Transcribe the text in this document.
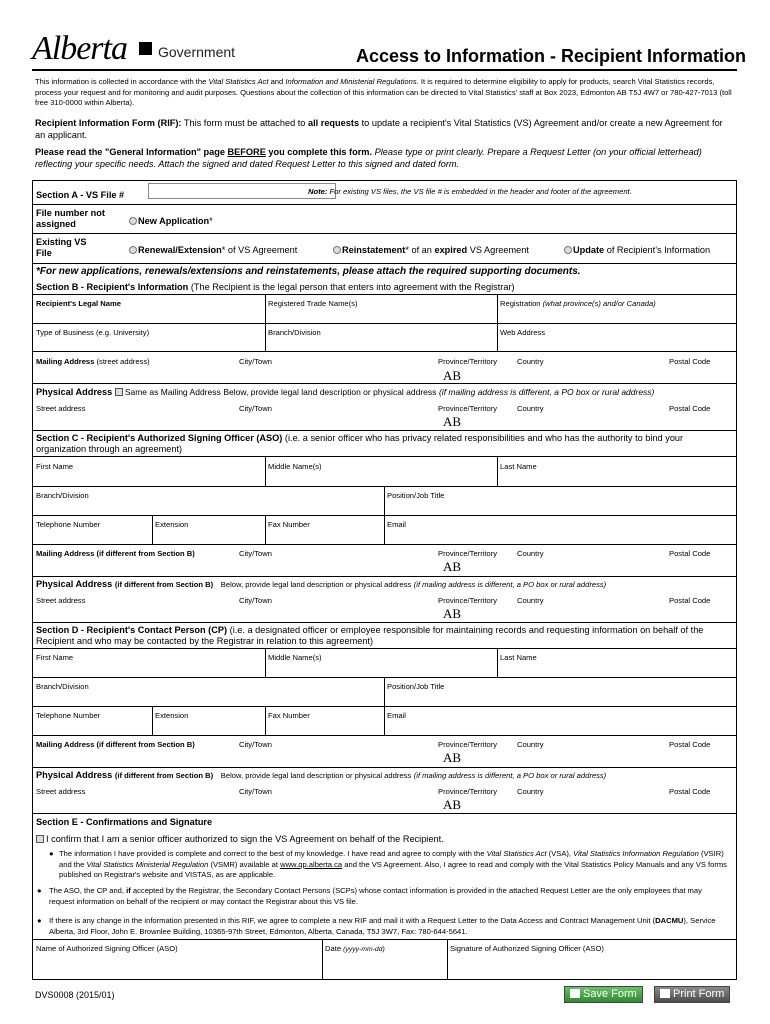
Alberta Government	Access to Information - Recipient Information
This information is collected in accordance with the Vital Statistics Act and Information and Ministerial Regulations. It is required to determine eligibility to apply for products, search Vital Statistics records, process your request and for monitoring and audit purposes. Questions about the collection of this information can be directed to Vital Statistics' staff at Box 2023, Edmonton AB T5J 4W7 or 780-427-7013 (toll free 310-0000 within Alberta).
Recipient Information Form (RIF): This form must be attached to all requests to update a recipient's Vital Statistics (VS) Agreement and/or create a new Agreement for an applicant.
Please read the "General Information" page BEFORE you complete this form. Please type or print clearly. Prepare a Request Letter (on your official letterhead) reflecting your specific needs. Attach the signed and dated Request Letter to this signed and dated form.
Section A - VS File #	Note: For existing VS files, the VS file # is embedded in the header and footer of the agreement.
File number not assigned	New Application*
Existing VS File	Renewal/Extension* of VS Agreement	Reinstatement* of an expired VS Agreement	Update of Recipient's Information
*For new applications, renewals/extensions and reinstatements, please attach the required supporting documents.
Section B - Recipient's Information (The Recipient is the legal person that enters into agreement with the Registrar)
Recipient's Legal Name	Registered Trade Name(s)	Registration (what province(s) and/or Canada)
Type of Business (e.g. University)	Branch/Division	Web Address
Mailing Address (street address)	City/Town	Province/Territory	Country	Postal Code
AB
Physical Address Same as Mailing Address Below, provide legal land description or physical address (if mailing address is different, a PO box or rural address)
Street address	City/Town	Province/Territory	Country	Postal Code
AB
Section C - Recipient's Authorized Signing Officer (ASO) (i.e. a senior officer who has privacy related responsibilities and who has the authority to bind your organization through an agreement)
First Name	Middle Name(s)	Last Name
Branch/Division	Position/Job Title
Telephone Number	Extension	Fax Number	Email
Mailing Address (if different from Section B)	City/Town	Province/Territory	Country	Postal Code
AB
Physical Address (if different from Section B) Below, provide legal land description or physical address (if mailing address is different, a PO box or rural address)
Street address	City/Town	Province/Territory	Country	Postal Code
AB
Section D - Recipient's Contact Person (CP) (i.e. a designated officer or employee responsible for maintaining records and requesting information on behalf of the Recipient and who may be contacted by the Registrar in relation to this agreement)
First Name	Middle Name(s)	Last Name
Branch/Division	Position/Job Title
Telephone Number	Extension	Fax Number	Email
Mailing Address (if different from Section B)	City/Town	Province/Territory	Country	Postal Code
AB
Physical Address (if different from Section B) Below, provide legal land description or physical address (if mailing address is different, a PO box or rural address)
Street address	City/Town	Province/Territory	Country	Postal Code
AB
Section E - Confirmations and Signature
I confirm that I am a senior officer authorized to sign the VS Agreement on behalf of the Recipient.
The information I have provided is complete and correct to the best of my knowledge. I have read and agree to comply with the Vital Statistics Act (VSA), Vital Statistics Information Regulation (VSIR) and the Vital Statistics Ministerial Regulation (VSMR) available at www.qp.alberta.ca and the VS Agreement. Also, I agree to read and comply with the Vital Statistics Policy Manuals and any VS forms published on Registrar's website and VISTAS, as are applicable.
●
The ASO, the CP and, if accepted by the Registrar, the Secondary Contact Persons (SCPs) whose contact information is provided in the attached Request Letter are the only employees that may request information on behalf of the recipient or may contact the Registrar about this VS file.
●
If there is any change in the information presented in this RIF, we agree to complete a new RIF and mail it with a Request Letter to the Data Access and Contract Management Unit (DACMU), Service Alberta, 3rd Floor, John E. Brownlee Building, 10365-97th Street, Edmonton, Alberta, Canada, T5J 3W7, Fax: 780-644-5641.
●
Name of Authorized Signing Officer (ASO)	Date (yyyy-mm-dd)	Signature of Authorized Signing Officer (ASO)
DVS0008 (2015/01)	Save Form	Print Form
